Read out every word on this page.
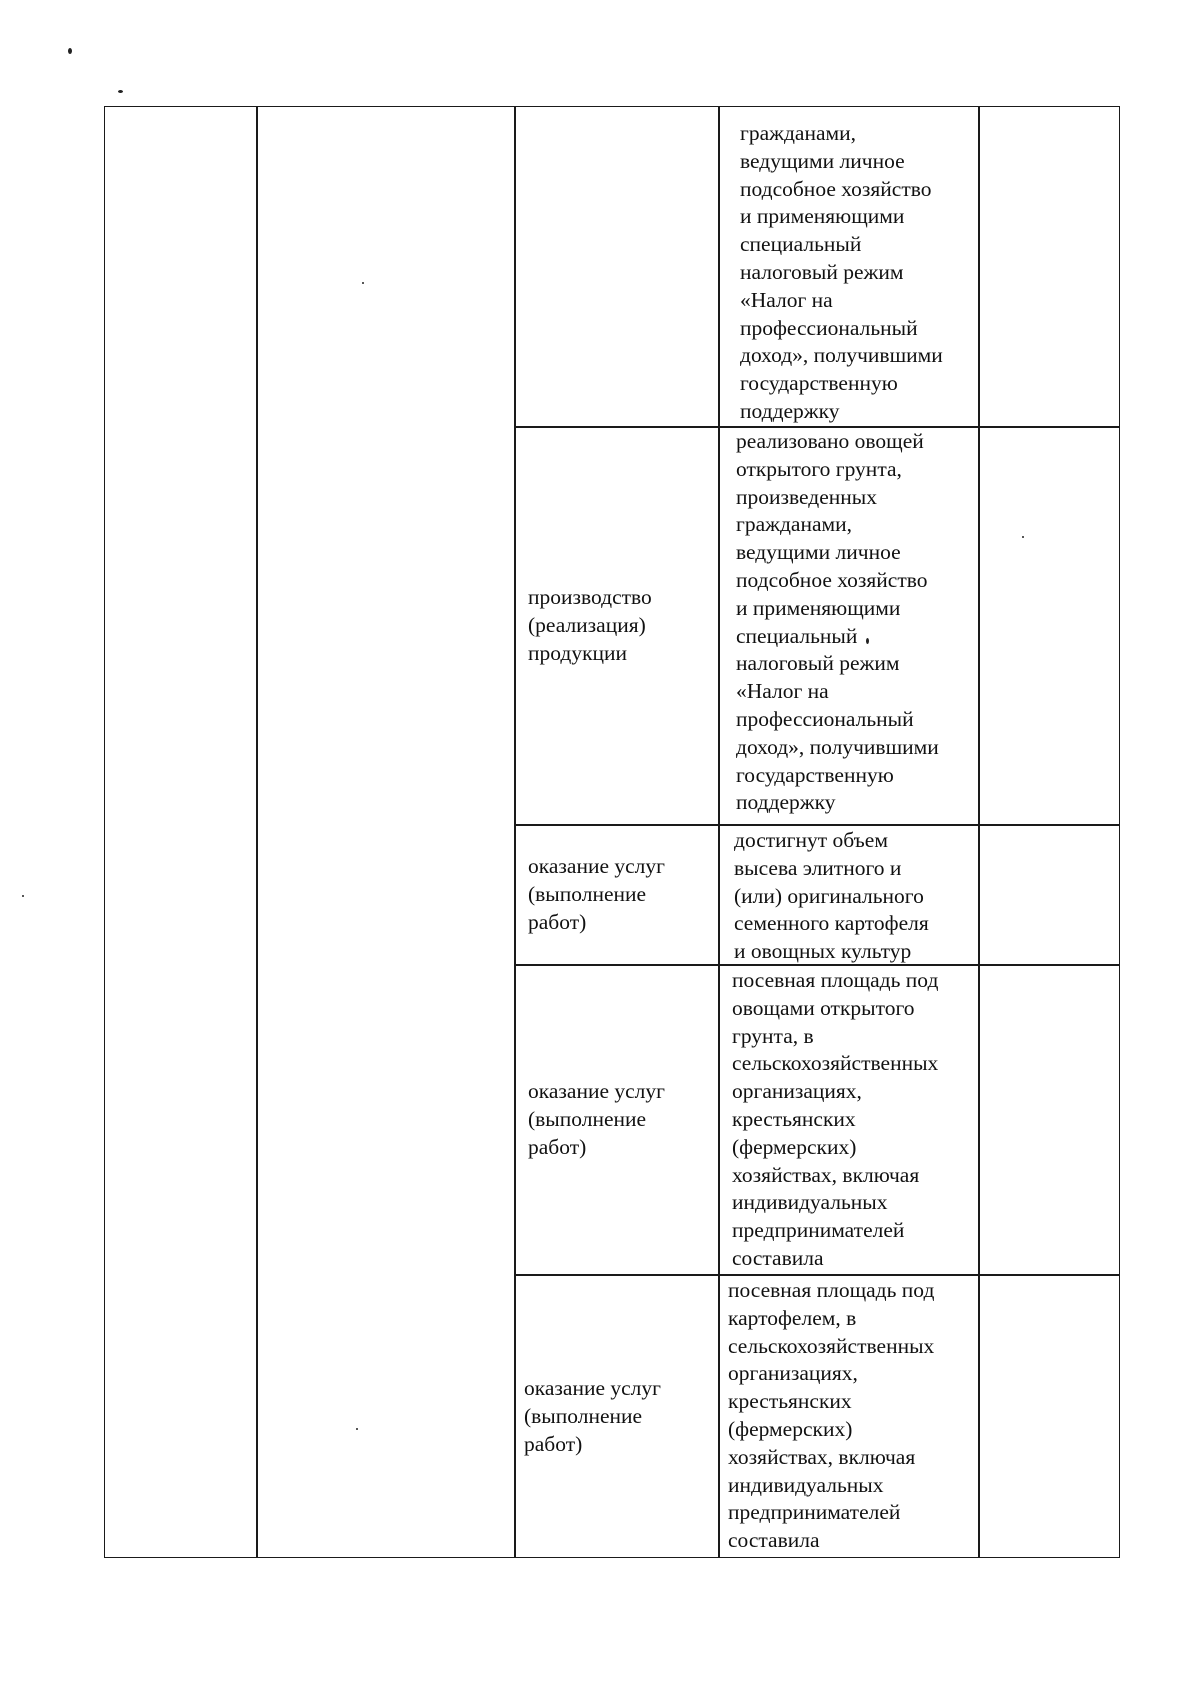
гражданами,
ведущими личное
подсобное хозяйство
и применяющими
специальный
налоговый режим
«Налог на
профессиональный
доход», получившими
государственную
поддержку
производство
(реализация)
продукции
реализовано овощей
открытого грунта,
произведенных
гражданами,
ведущими личное
подсобное хозяйство
и применяющими
специальный
налоговый режим
«Налог на
профессиональный
доход», получившими
государственную
поддержку
оказание услуг
(выполнение
работ)
достигнут объем
высева элитного и
(или) оригинального
семенного картофеля
и овощных культур
оказание услуг
(выполнение
работ)
посевная площадь под
овощами открытого
грунта, в
сельскохозяйственных
организациях,
крестьянских
(фермерских)
хозяйствах, включая
индивидуальных
предпринимателей
составила
оказание услуг
(выполнение
работ)
посевная площадь под
картофелем, в
сельскохозяйственных
организациях,
крестьянских
(фермерских)
хозяйствах, включая
индивидуальных
предпринимателей
составила
